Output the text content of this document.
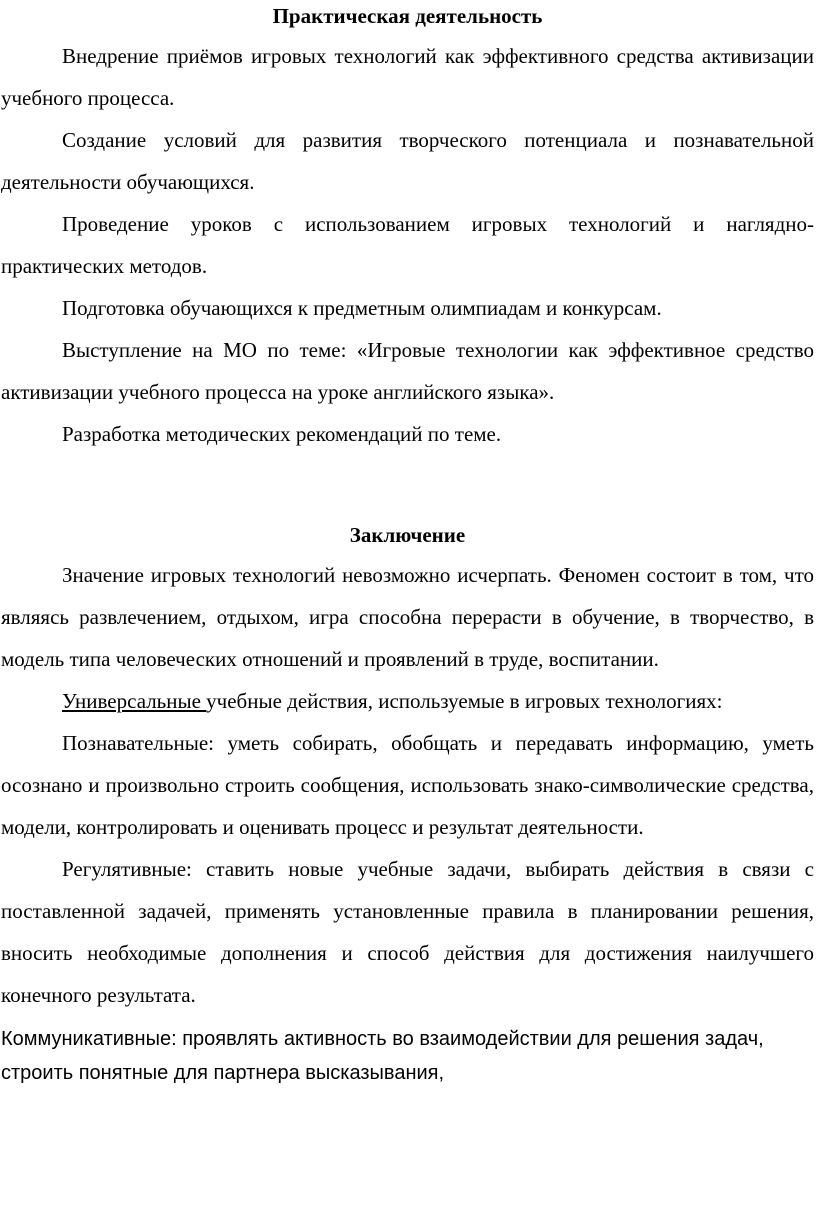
Практическая деятельность

Внедрение приёмов игровых технологий как эффективного средства активизации учебного процесса.

Создание условий для развития творческого потенциала и познавательной деятельности обучающихся.

Проведение уроков с использованием игровых технологий и наглядно-практических методов.

Подготовка обучающихся к предметным олимпиадам и конкурсам.

Выступление на МО по теме: «Игровые технологии как эффективное средство активизации учебного процесса на уроке английского языка».

Разработка методических рекомендаций по теме.

Заключение

Значение игровых технологий невозможно исчерпать. Феномен состоит в том, что являясь развлечением, отдыхом, игра способна перерасти в обучение, в творчество, в модель типа человеческих отношений и проявлений в труде, воспитании.

Универсальные учебные действия, используемые в игровых технологиях:

Познавательные: уметь собирать, обобщать и передавать информацию, уметь осознано и произвольно строить сообщения, использовать знако-символические средства, модели, контролировать и оценивать процесс и результат деятельности.

Регулятивные: ставить новые учебные задачи, выбирать действия в связи с поставленной задачей, применять установленные правила в планировании решения, вносить необходимые дополнения и способ действия для достижения наилучшего конечного результата.

Коммуникативные: проявлять активность во взаимодействии для решения задач, строить понятные для партнера высказывания,
